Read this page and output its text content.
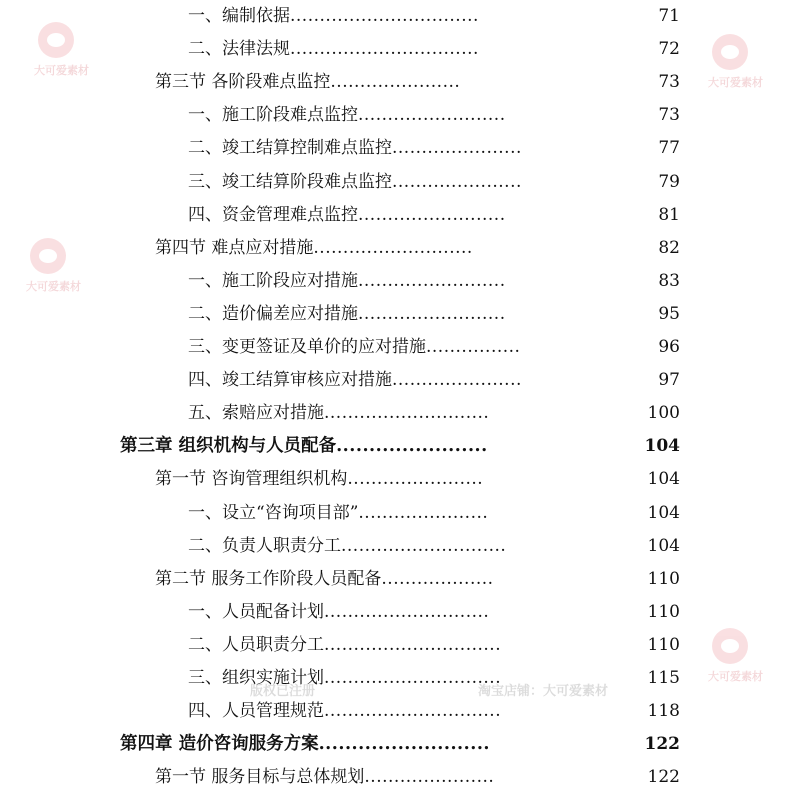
一、编制依据................................	71
二、法律法规................................	72
第三节 各阶段难点监控......................	73
一、施工阶段难点监控.........................	73
二、竣工结算控制难点监控......................	77
三、竣工结算阶段难点监控......................	79
四、资金管理难点监控.........................	81
第四节 难点应对措施...........................	82
一、施工阶段应对措施.........................	83
二、造价偏差应对措施.........................	95
三、变更签证及单价的应对措施................	96
四、竣工结算审核应对措施......................	97
五、索赔应对措施............................	100
第三章 组织机构与人员配备.......................	104
第一节 咨询管理组织机构.......................	104
一、设立“咨询项目部”......................	104
二、负责人职责分工............................	104
第二节 服务工作阶段人员配备...................	110
一、人员配备计划............................	110
二、人员职责分工..............................	110
三、组织实施计划..............................	115
四、人员管理规范..............................	118
第四章 造价咨询服务方案..........................	122
第一节 服务目标与总体规划......................	122
大可爱素材
大可爱素材
大可爱素材
大可爱素材
淘宝店铺：大可爱素材
版权已注册
